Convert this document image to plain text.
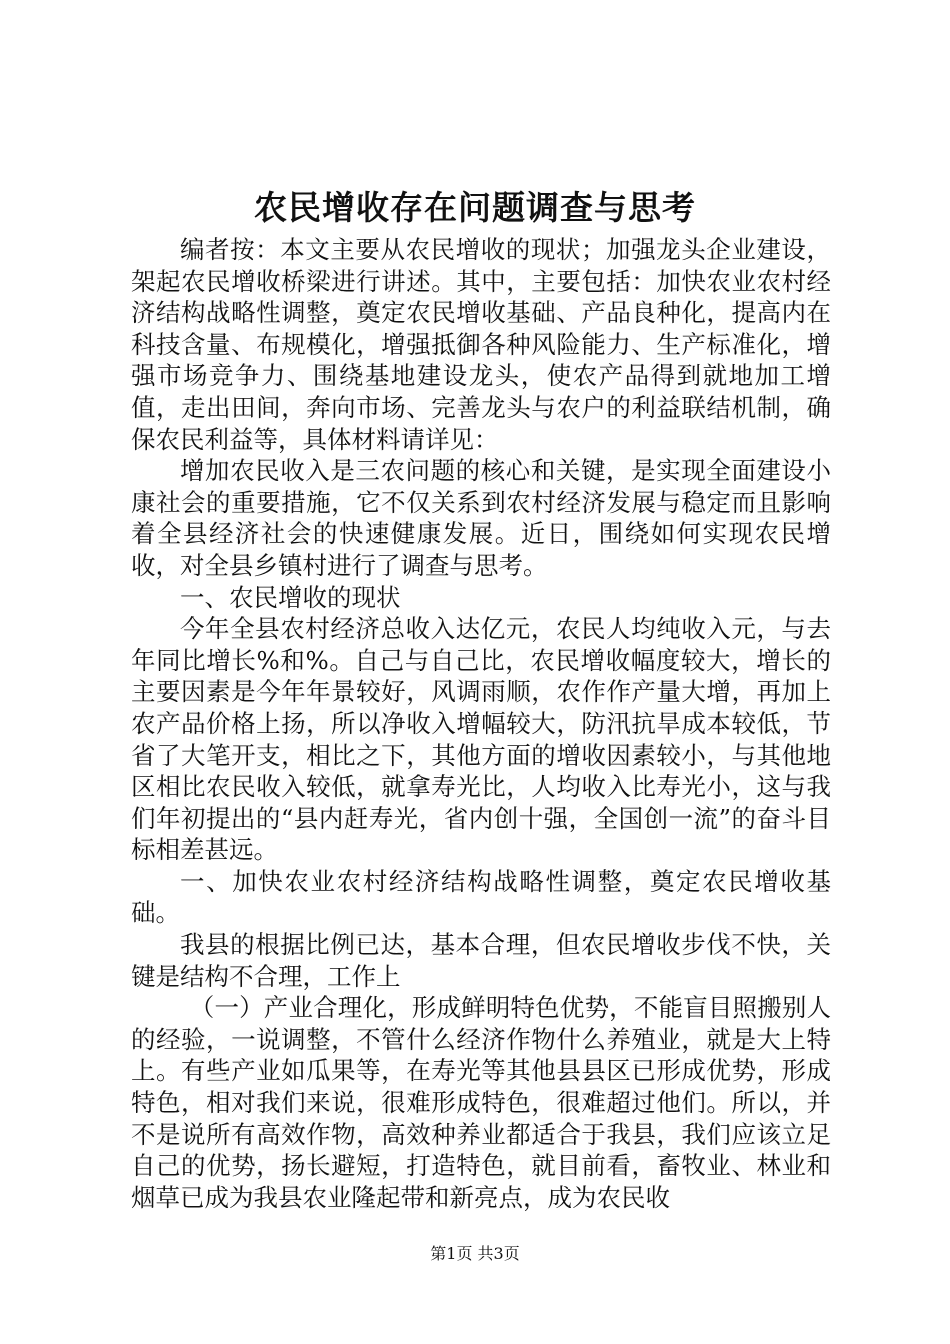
农民增收存在问题调查与思考

编者按：本文主要从农民增收的现状；加强龙头企业建设，架起农民增收桥梁进行讲述。其中，主要包括：加快农业农村经济结构战略性调整，奠定农民增收基础、产品良种化，提高内在科技含量、布规模化，增强抵御各种风险能力、生产标准化，增强市场竞争力、围绕基地建设龙头，使农产品得到就地加工增值，走出田间，奔向市场、完善龙头与农户的利益联结机制，确保农民利益等，具体材料请详见：

增加农民收入是三农问题的核心和关键，是实现全面建设小康社会的重要措施，它不仅关系到农村经济发展与稳定而且影响着全县经济社会的快速健康发展。近日，围绕如何实现农民增收，对全县乡镇村进行了调查与思考。

一、农民增收的现状

今年全县农村经济总收入达亿元，农民人均纯收入元，与去年同比增长%和%。自己与自己比，农民增收幅度较大，增长的主要因素是今年年景较好，风调雨顺，农作作产量大增，再加上农产品价格上扬，所以净收入增幅较大，防汛抗旱成本较低，节省了大笔开支，相比之下，其他方面的增收因素较小，与其他地区相比农民收入较低，就拿寿光比，人均收入比寿光小，这与我们年初提出的“县内赶寿光，省内创十强，全国创一流”的奋斗目标相差甚远。

一、加快农业农村经济结构战略性调整，奠定农民增收基础。

我县的根据比例已达，基本合理，但农民增收步伐不快，关键是结构不合理，工作上

（一）产业合理化，形成鲜明特色优势，不能盲目照搬别人的经验，一说调整，不管什么经济作物什么养殖业，就是大上特上。有些产业如瓜果等，在寿光等其他县县区已形成优势，形成特色，相对我们来说，很难形成特色，很难超过他们。所以，并不是说所有高效作物，高效种养业都适合于我县，我们应该立足自己的优势，扬长避短，打造特色，就目前看，畜牧业、林业和烟草已成为我县农业隆起带和新亮点，成为农民收

第1页 共3页
